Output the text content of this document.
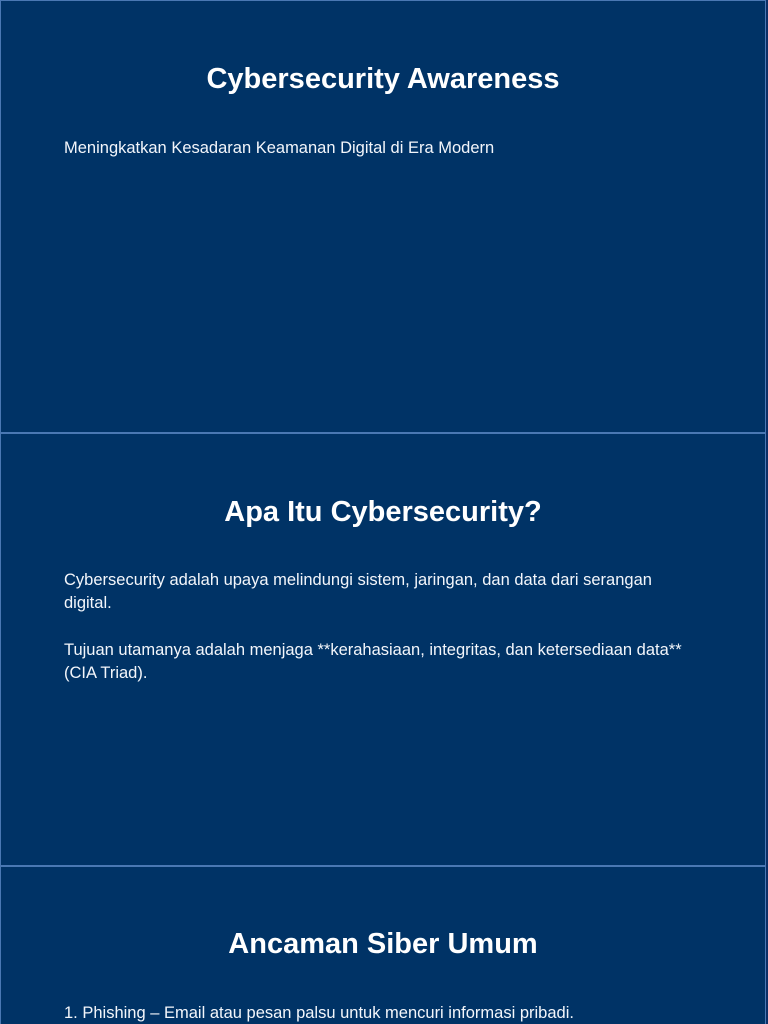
Cybersecurity Awareness

Meningkatkan Kesadaran Keamanan Digital di Era Modern

Apa Itu Cybersecurity?

Cybersecurity adalah upaya melindungi sistem, jaringan, dan data dari serangan digital.

Tujuan utamanya adalah menjaga **kerahasiaan, integritas, dan ketersediaan data** (CIA Triad).

Ancaman Siber Umum

1. Phishing – Email atau pesan palsu untuk mencuri informasi pribadi.
